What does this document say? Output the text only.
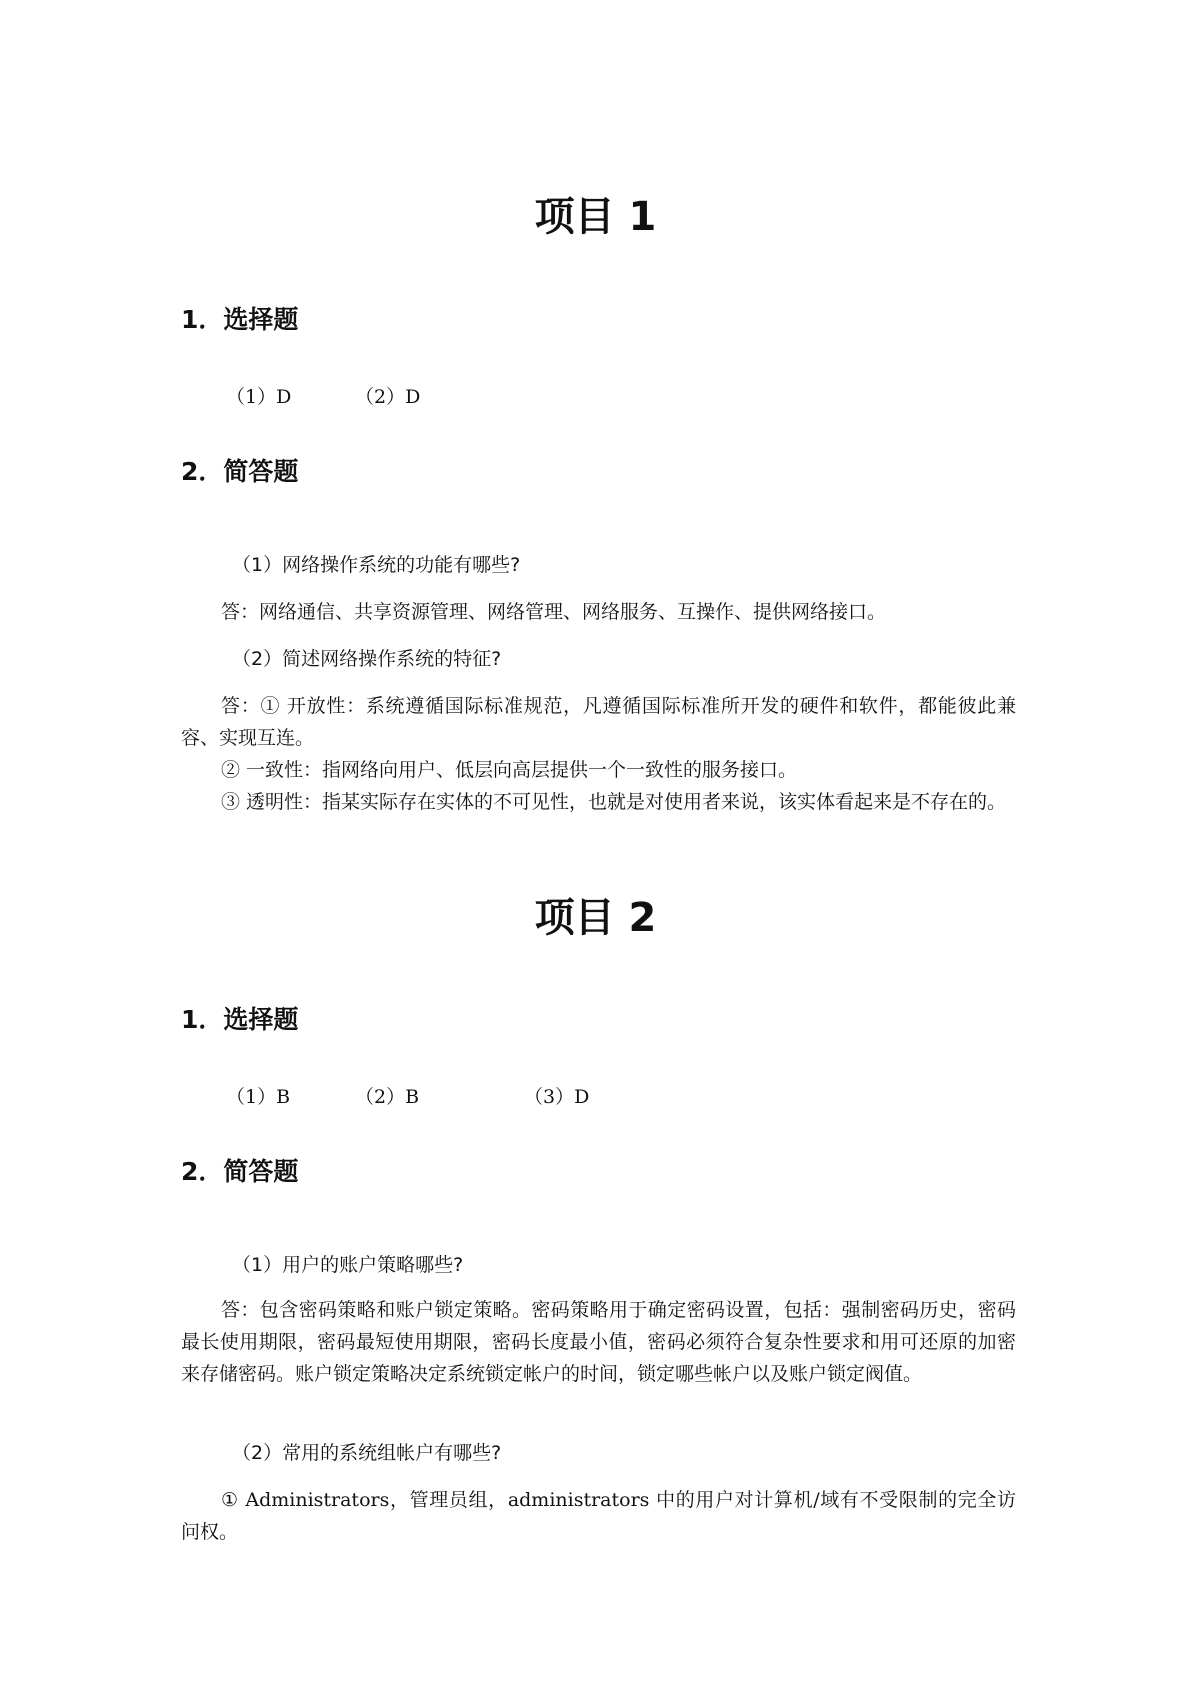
项目 1
1．选择题
（1）D	（2）D
2．简答题
（1）网络操作系统的功能有哪些?

答：网络通信、共享资源管理、网络管理、网络服务、互操作、提供网络接口。

（2）简述网络操作系统的特征?

答：① 开放性：系统遵循国际标准规范，凡遵循国际标准所开发的硬件和软件，都能彼此兼容、实现互连。

② 一致性：指网络向用户、低层向高层提供一个一致性的服务接口。

③ 透明性：指某实际存在实体的不可见性，也就是对使用者来说，该实体看起来是不存在的。

项目 2
1．选择题
（1）B	（2）B	（3）D
2．简答题
（1）用户的账户策略哪些?

答：包含密码策略和账户锁定策略。密码策略用于确定密码设置，包括：强制密码历史，密码最长使用期限，密码最短使用期限，密码长度最小值，密码必须符合复杂性要求和用可还原的加密来存储密码。账户锁定策略决定系统锁定帐户的时间，锁定哪些帐户以及账户锁定阀值。

（2）常用的系统组帐户有哪些?

① Administrators，管理员组，administrators 中的用户对计算机/域有不受限制的完全访问权。
